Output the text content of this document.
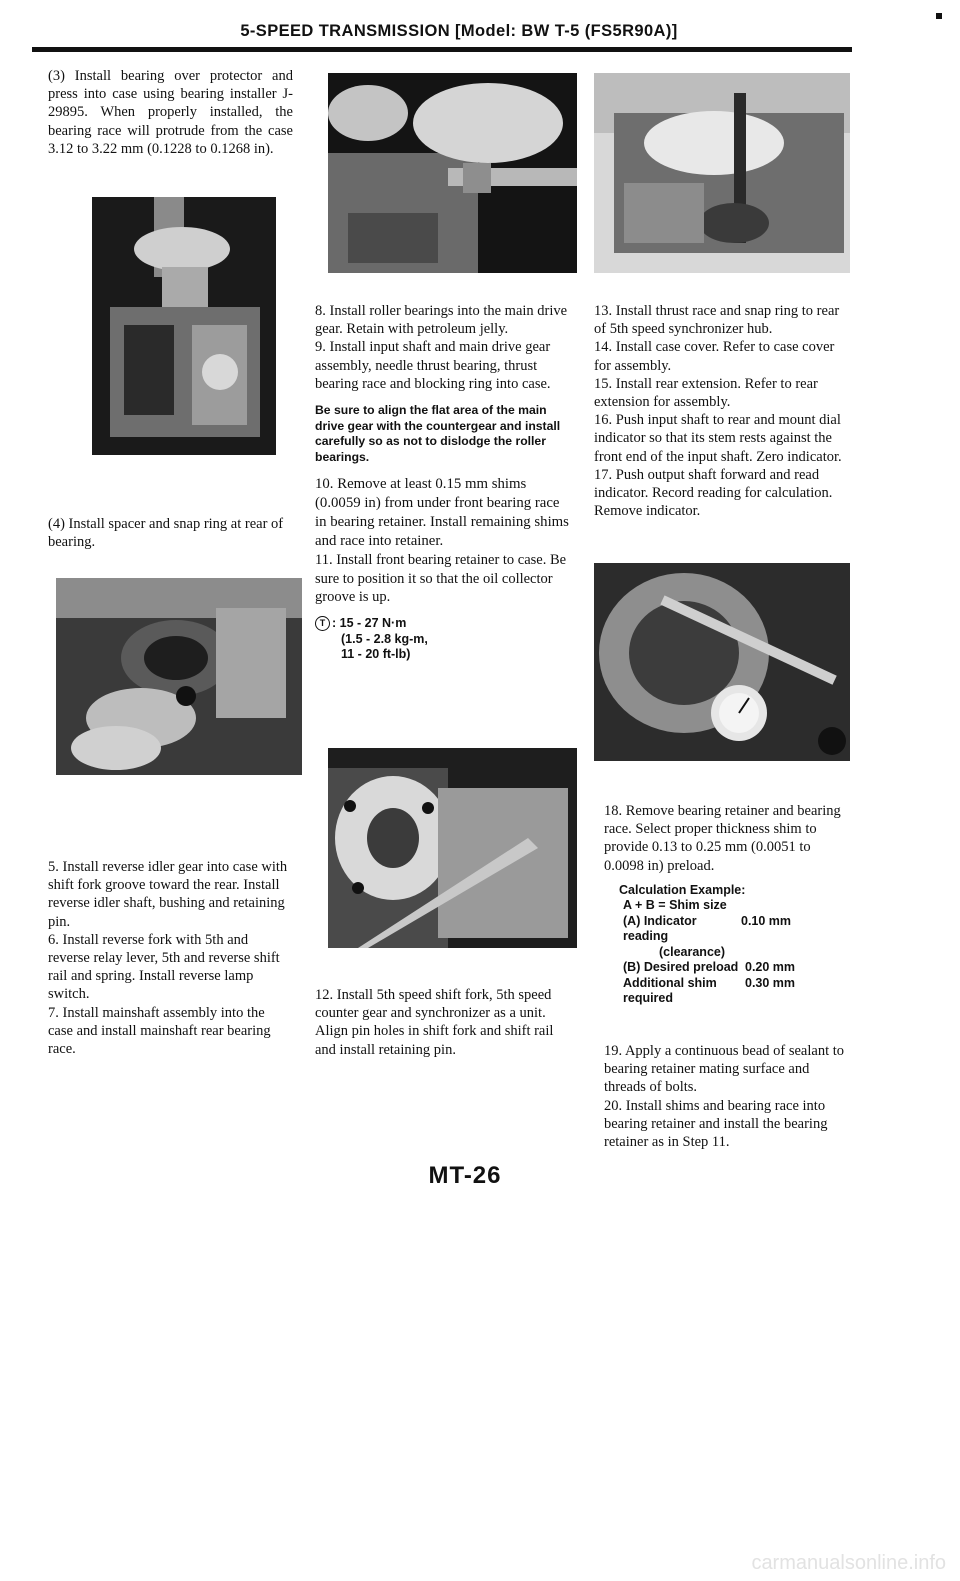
5-SPEED TRANSMISSION [Model: BW T-5 (FS5R90A)]

(3) Install bearing over protector and press into case using bearing installer J-29895. When properly installed, the bearing race will protrude from the case 3.12 to 3.22 mm (0.1228 to 0.1268 in).

(4) Install spacer and snap ring at rear of bearing.

5. Install reverse idler gear into case with shift fork groove toward the rear. Install reverse idler shaft, bushing and retaining pin.

6. Install reverse fork with 5th and reverse relay lever, 5th and reverse shift rail and spring. Install reverse lamp switch.

7. Install mainshaft assembly into the case and install mainshaft rear bearing race.

8. Install roller bearings into the main drive gear. Retain with petroleum jelly.

9. Install input shaft and main drive gear assembly, needle thrust bearing, thrust bearing race and blocking ring into case.

Be sure to align the flat area of the main drive gear with the countergear and install carefully so as not to dislodge the roller bearings.

10. Remove at least 0.15 mm shims (0.0059 in) from under front bearing race in bearing retainer. Install remaining shims and race into retainer.

11. Install front bearing retainer to case. Be sure to position it so that the oil collector groove is up.

T : 15 - 27 N·m
(1.5 - 2.8 kg-m,
11 - 20 ft-lb)

12. Install 5th speed shift fork, 5th speed counter gear and synchronizer as a unit. Align pin holes in shift fork and shift rail and install retaining pin.

13. Install thrust race and snap ring to rear of 5th speed synchronizer hub.

14. Install case cover. Refer to case cover for assembly.

15. Install rear extension. Refer to rear extension for assembly.

16. Push input shaft to rear and mount dial indicator so that its stem rests against the front end of the input shaft. Zero indicator.

17. Push output shaft forward and read indicator. Record reading for calculation. Remove indicator.

18. Remove bearing retainer and bearing race. Select proper thickness shim to provide 0.13 to 0.25 mm (0.0051 to 0.0098 in) preload.

Calculation Example:
A + B = Shim size
(A) Indicator reading
0.10 mm
(clearance)
(B) Desired preload 0.20 mm
Additional shim	0.30 mm
required

19. Apply a continuous bead of sealant to bearing retainer mating surface and threads of bolts.

20. Install shims and bearing race into bearing retainer and install the bearing retainer as in Step 11.

MT-26
carmanualsonline.info
